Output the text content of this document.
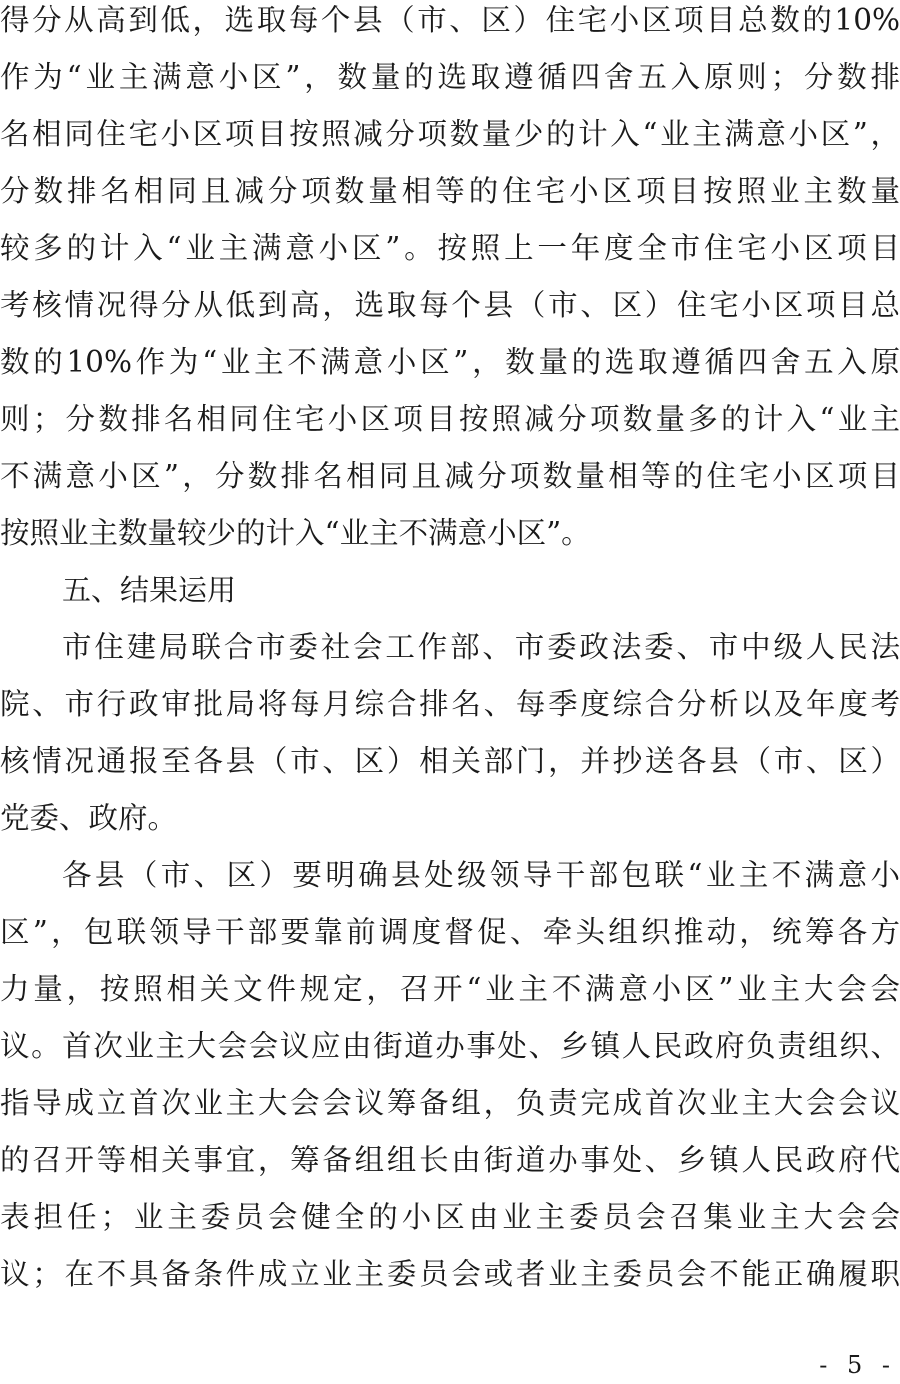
得分从高到低，选取每个县（市、区）住宅小区项目总数的10%
作为“业主满意小区”，数量的选取遵循四舍五入原则；分数排
名相同住宅小区项目按照减分项数量少的计入“业主满意小区”，
分数排名相同且减分项数量相等的住宅小区项目按照业主数量
较多的计入“业主满意小区”。按照上一年度全市住宅小区项目
考核情况得分从低到高，选取每个县（市、区）住宅小区项目总
数的10%作为“业主不满意小区”，数量的选取遵循四舍五入原
则；分数排名相同住宅小区项目按照减分项数量多的计入“业主
不满意小区”，分数排名相同且减分项数量相等的住宅小区项目
按照业主数量较少的计入“业主不满意小区”。
五、结果运用
市住建局联合市委社会工作部、市委政法委、市中级人民法
院、市行政审批局将每月综合排名、每季度综合分析以及年度考
核情况通报至各县（市、区）相关部门，并抄送各县（市、区）
党委、政府。
各县（市、区）要明确县处级领导干部包联“业主不满意小
区”，包联领导干部要靠前调度督促、牵头组织推动，统筹各方
力量，按照相关文件规定，召开“业主不满意小区”业主大会会
议。首次业主大会会议应由街道办事处、乡镇人民政府负责组织、
指导成立首次业主大会会议筹备组，负责完成首次业主大会会议
的召开等相关事宜，筹备组组长由街道办事处、乡镇人民政府代
表担任；业主委员会健全的小区由业主委员会召集业主大会会
议；在不具备条件成立业主委员会或者业主委员会不能正确履职
- 5 -
